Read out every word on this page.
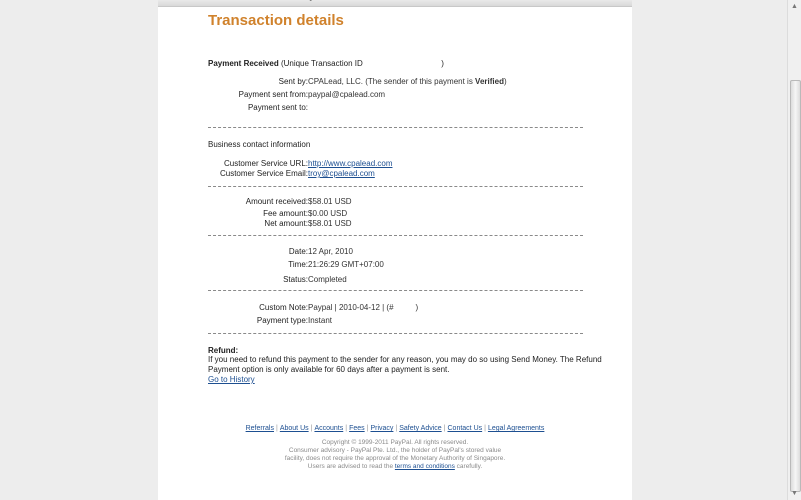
Transaction details
Payment Received (Unique Transaction ID	)
Sent by: CPALead, LLC. (The sender of this payment is Verified)
Payment sent from: paypal@cpalead.com
Payment sent to:
Business contact information
Customer Service URL: http://www.cpalead.com
Customer Service Email: troy@cpalead.com
Amount received: $58.01 USD
Fee amount: $0.00 USD
Net amount: $58.01 USD
Date: 12 Apr, 2010
Time: 21:26:29 GMT+07:00
Status: Completed
Custom Note: Paypal | 2010-04-12 | (#	)
Payment type: Instant
Refund:
If you need to refund this payment to the sender for any reason, you may do so using Send Money. The Refund
Payment option is only available for 60 days after a payment is sent.
Go to History
Referrals | About Us | Accounts | Fees | Privacy | Safety Advice | Contact Us | Legal Agreements
Copyright © 1999-2011 PayPal. All rights reserved.
Consumer advisory - PayPal Pte. Ltd., the holder of PayPal's stored value
facility, does not require the approval of the Monetary Authority of Singapore.
Users are advised to read the terms and conditions carefully.
▲
▼
